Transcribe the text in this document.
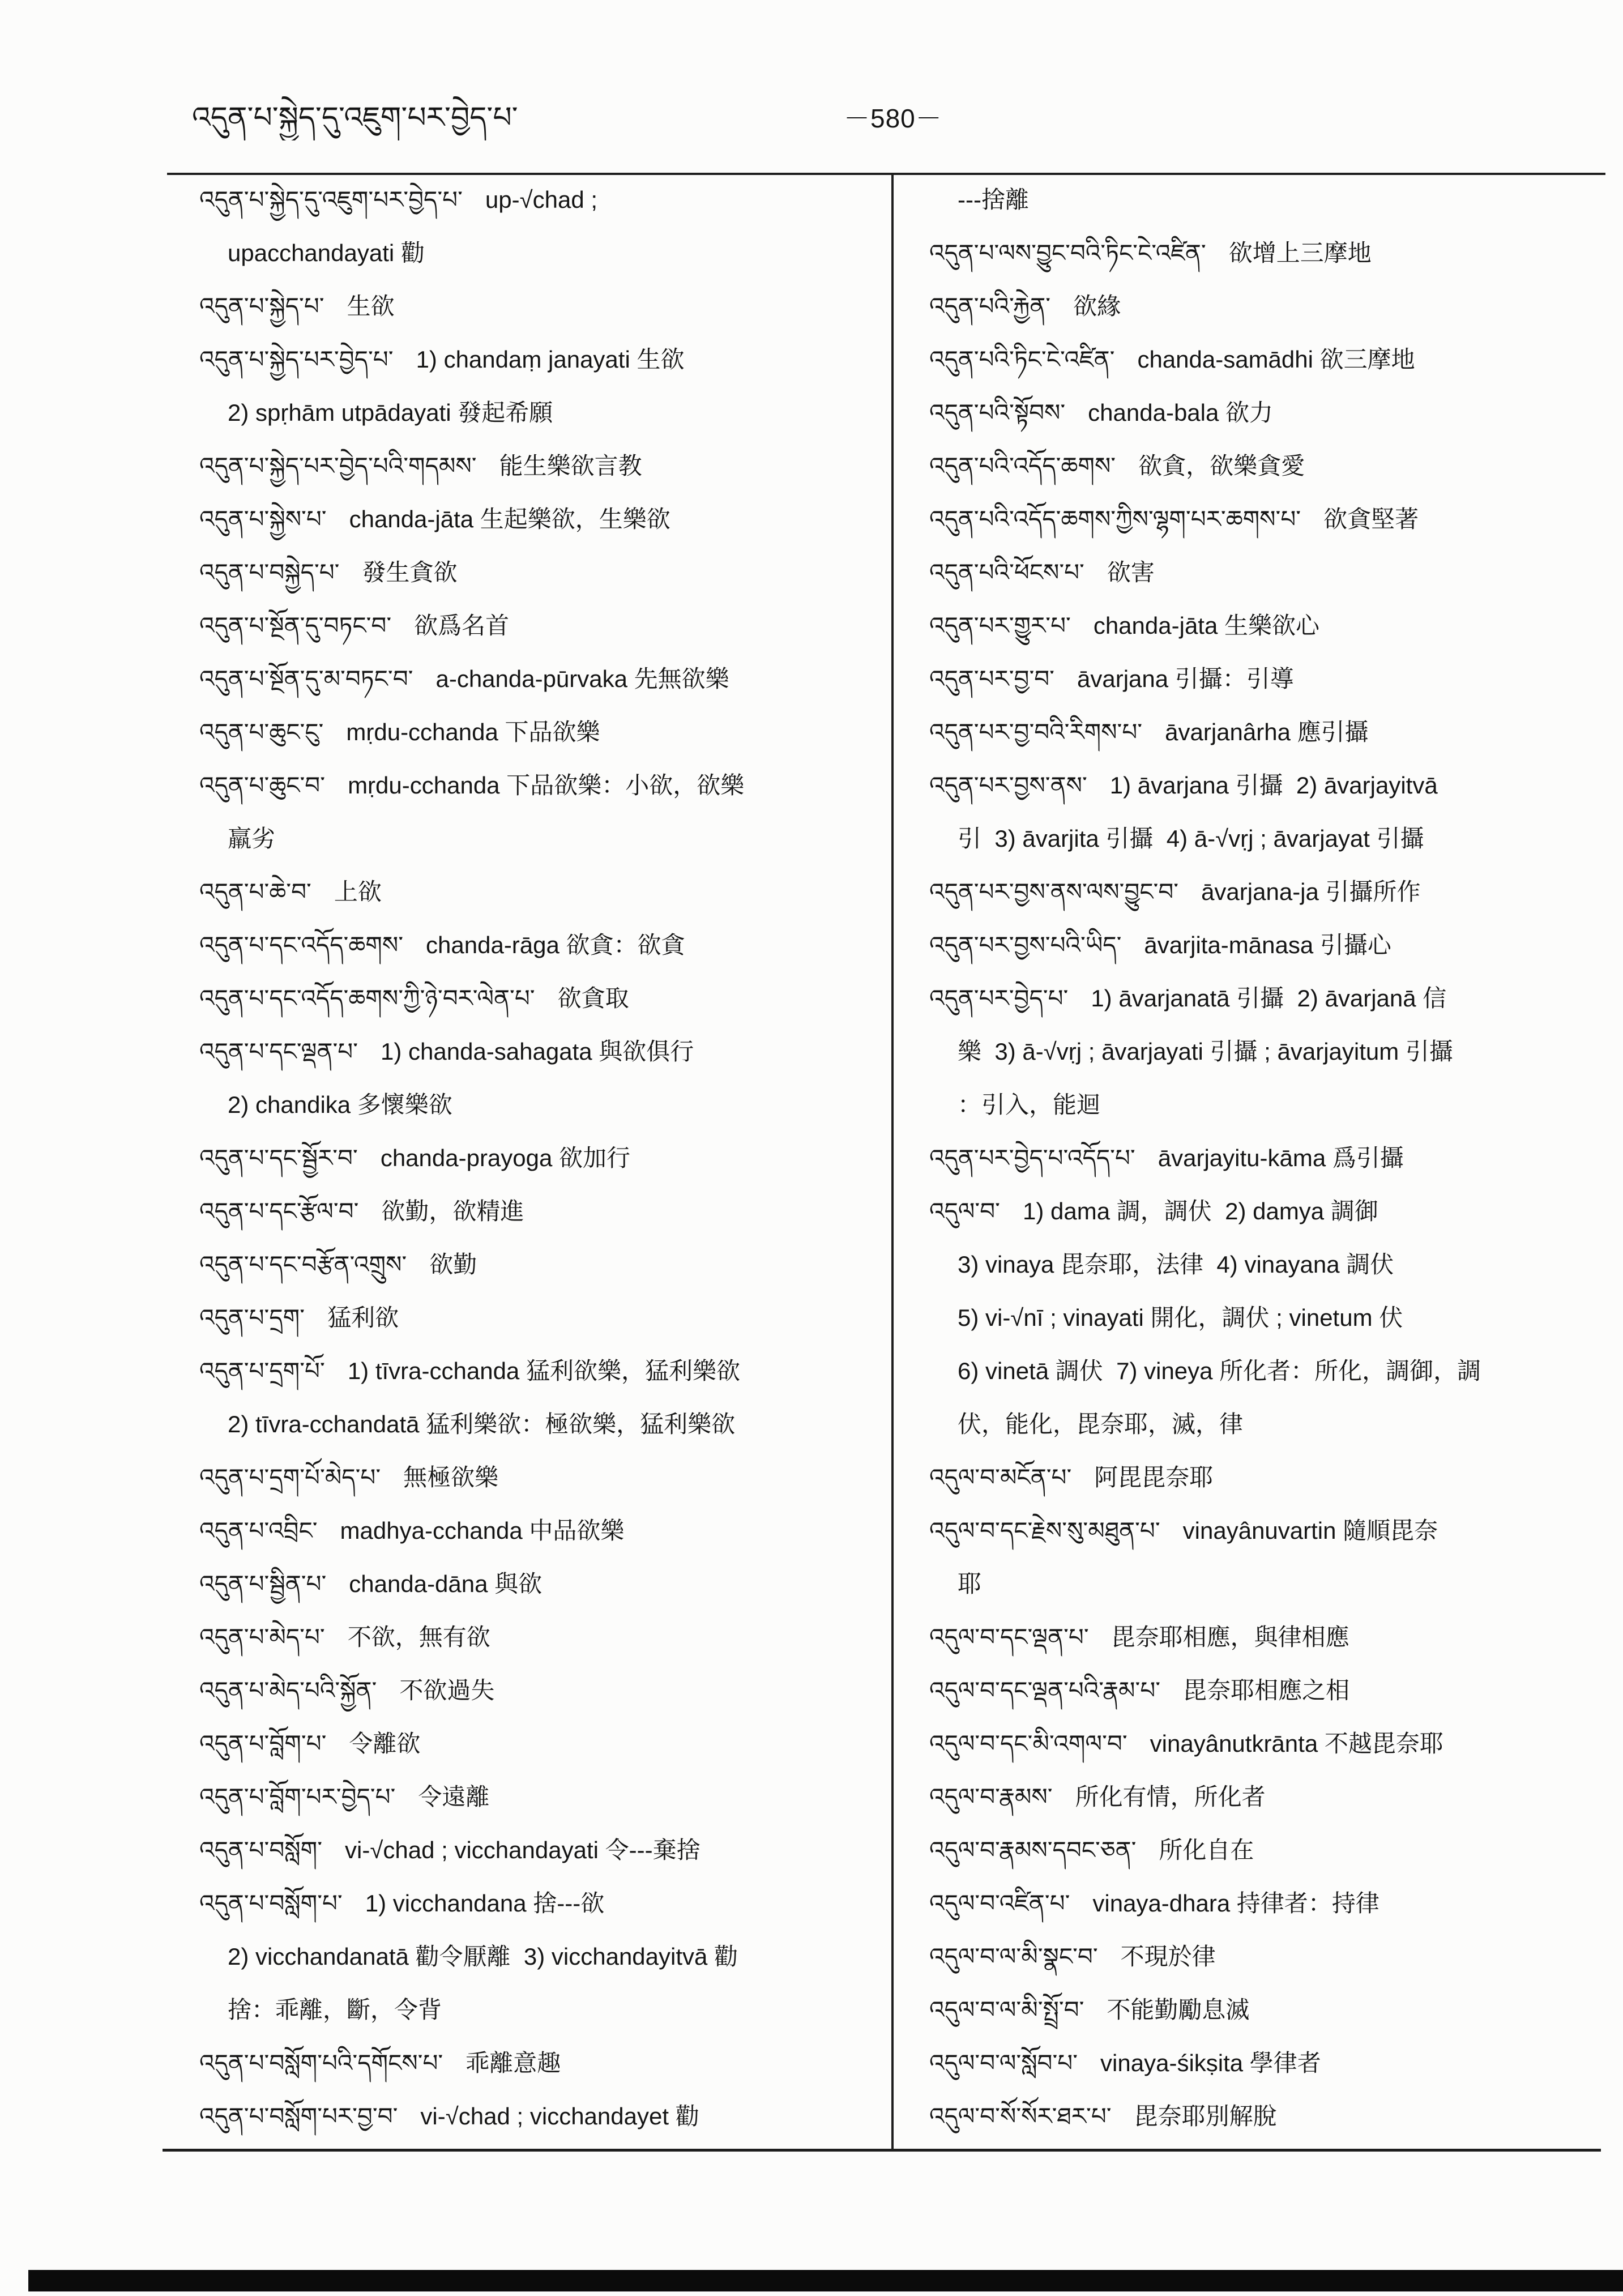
འདུན་པ་སྐྱེད་དུ་འཇུག་པར་བྱེད་པ་	－580－
འདུན་པ་སྐྱེད་དུ་འཇུག་པར་བྱེད་པ་ up-√chad ;
upacchandayati 勸
འདུན་པ་སྐྱེད་པ་ 生欲
འདུན་པ་སྐྱེད་པར་བྱེད་པ་ 1) chandaṃ janayati 生欲
2) spṛhām utpādayati 發起希願
འདུན་པ་སྐྱེད་པར་བྱེད་པའི་གདམས་ 能生樂欲言教
འདུན་པ་སྐྱེས་པ་ chanda-jāta 生起樂欲，生樂欲
འདུན་པ་བསྐྱེད་པ་ 發生貪欲
འདུན་པ་སྔོན་དུ་བཏང་བ་ 欲爲名首
འདུན་པ་སྔོན་དུ་མ་བཏང་བ་ a-chanda-pūrvaka 先無欲樂
འདུན་པ་ཆུང་ངུ་ mṛdu-cchanda 下品欲樂
འདུན་པ་ཆུང་བ་ mṛdu-cchanda 下品欲樂：小欲，欲樂
羸劣
འདུན་པ་ཆེ་བ་ 上欲
འདུན་པ་དང་འདོད་ཆགས་ chanda-rāga 欲貪：欲貪
འདུན་པ་དང་འདོད་ཆགས་ཀྱི་ཉེ་བར་ལེན་པ་ 欲貪取
འདུན་པ་དང་ལྡན་པ་ 1) chanda-sahagata 與欲俱行
2) chandika 多懷樂欲
འདུན་པ་དང་སྦྱོར་བ་ chanda-prayoga 欲加行
འདུན་པ་དང་རྩོལ་བ་ 欲勤，欲精進
འདུན་པ་དང་བརྩོན་འགྲུས་ 欲勤
འདུན་པ་དྲག་ 猛利欲
འདུན་པ་དྲག་པོ་ 1) tīvra-cchanda 猛利欲樂，猛利樂欲
2) tīvra-cchandatā 猛利樂欲：極欲樂，猛利樂欲
འདུན་པ་དྲག་པོ་མེད་པ་ 無極欲樂
འདུན་པ་འབྲིང་ madhya-cchanda 中品欲樂
འདུན་པ་སྦྱིན་པ་ chanda-dāna 與欲
འདུན་པ་མེད་པ་ 不欲，無有欲
འདུན་པ་མེད་པའི་སྐྱོན་ 不欲過失
འདུན་པ་བློག་པ་ 令離欲
འདུན་པ་བློག་པར་བྱེད་པ་ 令遠離
འདུན་པ་བསློག་ vi-√chad ; vicchandayati 令---棄捨
འདུན་པ་བསློག་པ་ 1) vicchandana 捨---欲
2) vicchandanatā 勸令厭離  3) vicchandayitvā 勸
捨：乖離，斷，令背
འདུན་པ་བསློག་པའི་དགོངས་པ་ 乖離意趣
འདུན་པ་བསློག་པར་བྱ་བ་ vi-√chad ; vicchandayet 勸
---捨離
འདུན་པ་ལས་བྱུང་བའི་ཏིང་ངེ་འཛིན་ 欲增上三摩地
འདུན་པའི་རྐྱེན་ 欲緣
འདུན་པའི་ཏིང་ངེ་འཛིན་ chanda-samādhi 欲三摩地
འདུན་པའི་སྟོབས་ chanda-bala 欲力
འདུན་པའི་འདོད་ཆགས་ 欲貪，欲樂貪愛
འདུན་པའི་འདོད་ཆགས་ཀྱིས་ལྷག་པར་ཆགས་པ་ 欲貪堅著
འདུན་པའི་ཕོངས་པ་ 欲害
འདུན་པར་གྱུར་པ་ chanda-jāta 生樂欲心
འདུན་པར་བྱ་བ་ āvarjana 引攝：引導
འདུན་པར་བྱ་བའི་རིགས་པ་ āvarjanârha 應引攝
འདུན་པར་བྱས་ནས་ 1) āvarjana 引攝  2) āvarjayitvā
引  3) āvarjita 引攝  4) ā-√vṛj ; āvarjayat 引攝
འདུན་པར་བྱས་ནས་ལས་བྱུང་བ་ āvarjana-ja 引攝所作
འདུན་པར་བྱས་པའི་ཡིད་ āvarjita-mānasa 引攝心
འདུན་པར་བྱེད་པ་ 1) āvarjanatā 引攝  2) āvarjanā 信
樂  3) ā-√vṛj ; āvarjayati 引攝 ; āvarjayitum 引攝
：引入，能迴
འདུན་པར་བྱེད་པ་འདོད་པ་ āvarjayitu-kāma 爲引攝
འདུལ་བ་ 1) dama 調，調伏  2) damya 調御
3) vinaya 毘奈耶，法律  4) vinayana 調伏
5) vi-√nī ; vinayati 開化，調伏 ; vinetum 伏
6) vinetā 調伏  7) vineya 所化者：所化，調御，調
伏，能化，毘奈耶，滅，律
འདུལ་བ་མངོན་པ་ 阿毘毘奈耶
འདུལ་བ་དང་རྗེས་སུ་མཐུན་པ་ vinayânuvartin 隨順毘奈
耶
འདུལ་བ་དང་ལྡན་པ་ 毘奈耶相應，與律相應
འདུལ་བ་དང་ལྡན་པའི་རྣམ་པ་ 毘奈耶相應之相
འདུལ་བ་དང་མི་འགལ་བ་ vinayânutkrānta 不越毘奈耶
འདུལ་བ་རྣམས་ 所化有情，所化者
འདུལ་བ་རྣམས་དབང་ཅན་ 所化自在
འདུལ་བ་འཛིན་པ་ vinaya-dhara 持律者：持律
འདུལ་བ་ལ་མི་སྣང་བ་ 不現於律
འདུལ་བ་ལ་མི་སྤྲོ་བ་ 不能勤勵息滅
འདུལ་བ་ལ་སློབ་པ་ vinaya-śikṣita 學律者
འདུལ་བ་སོ་སོར་ཐར་པ་ 毘奈耶別解脫
